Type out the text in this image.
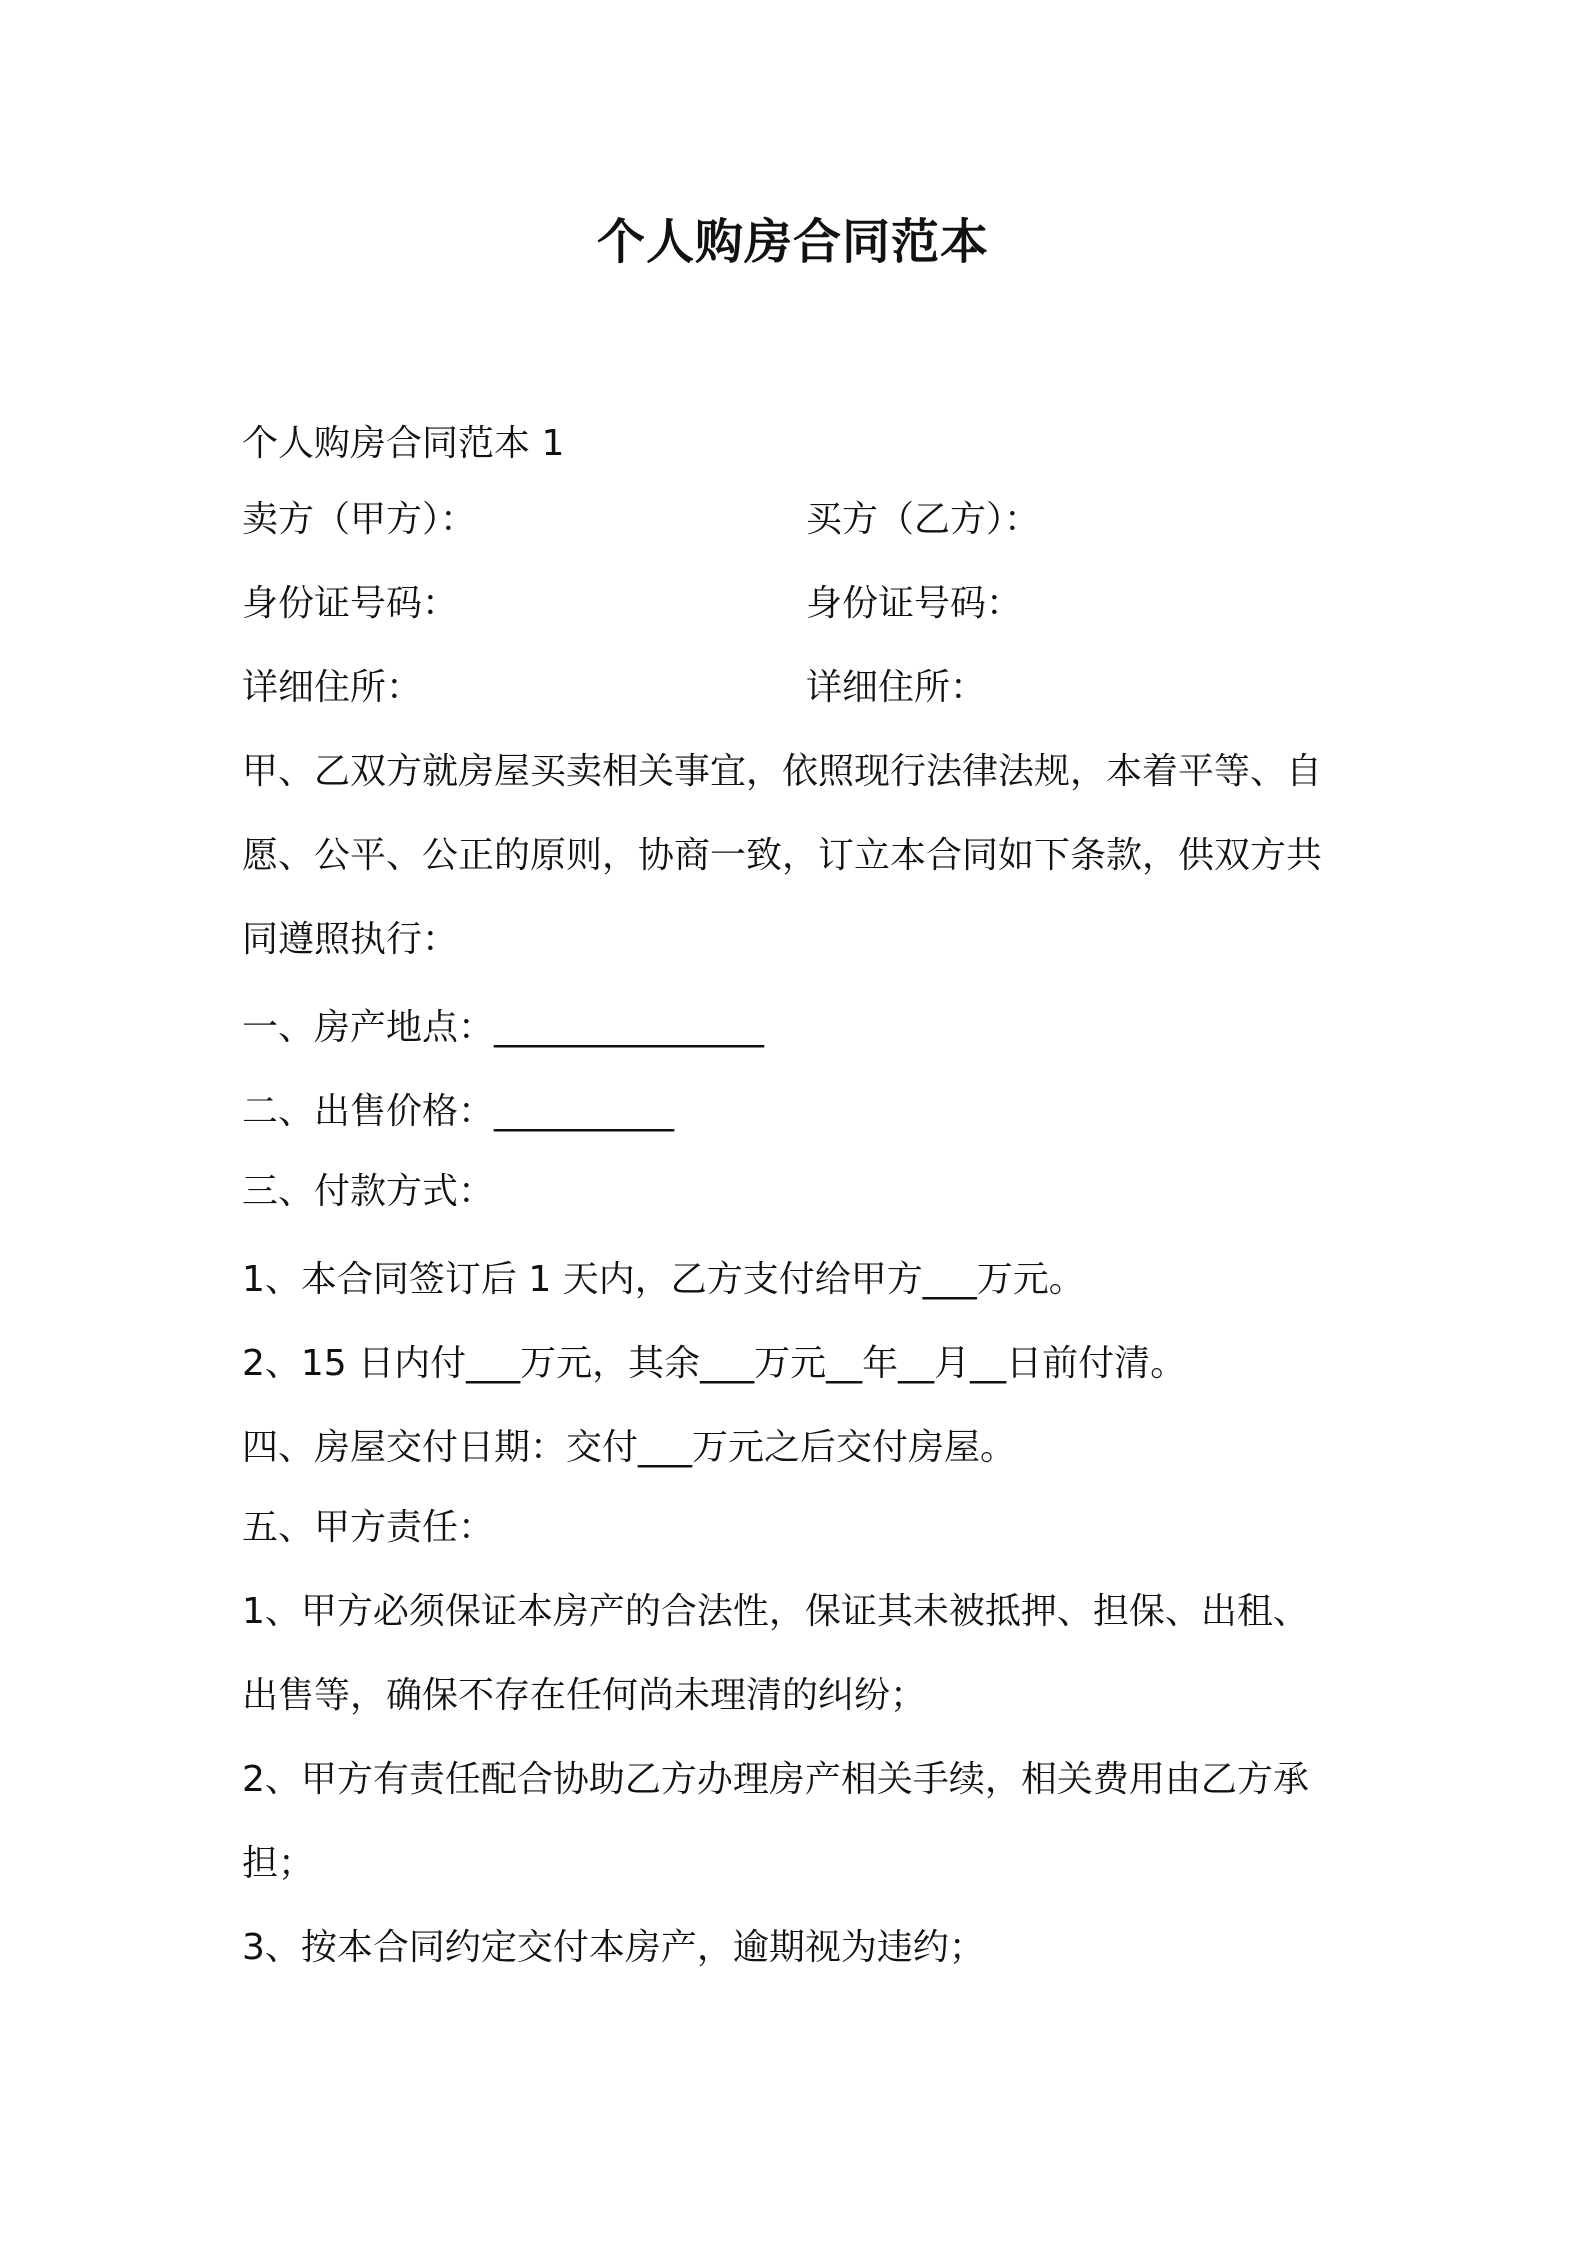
个人购房合同范本
个人购房合同范本 1
卖方（甲方）：	买方（乙方）：
身份证号码：	身份证号码：
详细住所：	详细住所：
甲、乙双方就房屋买卖相关事宜，依照现行法律法规，本着平等、自
愿、公平、公正的原则，协商一致，订立本合同如下条款，供双方共
同遵照执行：
一、房产地点：_______________
二、出售价格：__________
三、付款方式：
1、本合同签订后 1 天内，乙方支付给甲方___万元。
2、15 日内付___万元，其余___万元__年__月__日前付清。
四、房屋交付日期：交付___万元之后交付房屋。
五、甲方责任：
1、甲方必须保证本房产的合法性，保证其未被抵押、担保、出租、
出售等，确保不存在任何尚未理清的纠纷；
2、甲方有责任配合协助乙方办理房产相关手续，相关费用由乙方承
担；
3、按本合同约定交付本房产，逾期视为违约；
